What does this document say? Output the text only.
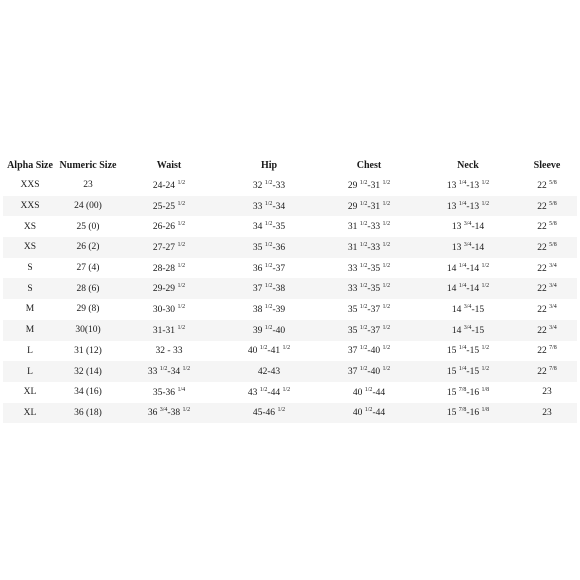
Alpha Size	Numeric Size	Waist	Hip	Chest	Neck	Sleeve
XXS	23	24-24 $^{1/2}$	32 $^{1/2}$-33	29 $^{1/2}$-31 $^{1/2}$	13 $^{1/4}$-13 $^{1/2}$	22 $^{5/8}$
XXS	24 (00)	25-25 $^{1/2}$	33 $^{1/2}$-34	29 $^{1/2}$-31 $^{1/2}$	13 $^{1/4}$-13 $^{1/2}$	22 $^{5/8}$
XS	25 (0)	26-26 $^{1/2}$	34 $^{1/2}$-35	31 $^{1/2}$-33 $^{1/2}$	13 $^{3/4}$-14	22 $^{5/8}$
XS	26 (2)	27-27 $^{1/2}$	35 $^{1/2}$-36	31 $^{1/2}$-33 $^{1/2}$	13 $^{3/4}$-14	22 $^{5/8}$
S	27 (4)	28-28 $^{1/2}$	36 $^{1/2}$-37	33 $^{1/2}$-35 $^{1/2}$	14 $^{1/4}$-14 $^{1/2}$	22 $^{3/4}$
S	28 (6)	29-29 $^{1/2}$	37 $^{1/2}$-38	33 $^{1/2}$-35 $^{1/2}$	14 $^{1/4}$-14 $^{1/2}$	22 $^{3/4}$
M	29 (8)	30-30 $^{1/2}$	38 $^{1/2}$-39	35 $^{1/2}$-37 $^{1/2}$	14 $^{3/4}$-15	22 $^{3/4}$
M	30(10)	31-31 $^{1/2}$	39 $^{1/2}$-40	35 $^{1/2}$-37 $^{1/2}$	14 $^{3/4}$-15	22 $^{3/4}$
L	31 (12)	32 - 33	40 $^{1/2}$-41 $^{1/2}$	37 $^{1/2}$-40 $^{1/2}$	15 $^{1/4}$-15 $^{1/2}$	22 $^{7/8}$
L	32 (14)	33 $^{1/2}$-34 $^{1/2}$	42-43	37 $^{1/2}$-40 $^{1/2}$	15 $^{1/4}$-15 $^{1/2}$	22 $^{7/8}$
XL	34 (16)	35-36 $^{1/4}$	43 $^{1/2}$-44 $^{1/2}$	40 $^{1/2}$-44	15 $^{7/8}$-16 $^{1/8}$	23
XL	36 (18)	36 $^{3/4}$-38 $^{1/2}$	45-46 $^{1/2}$	40 $^{1/2}$-44	15 $^{7/8}$-16 $^{1/8}$	23
